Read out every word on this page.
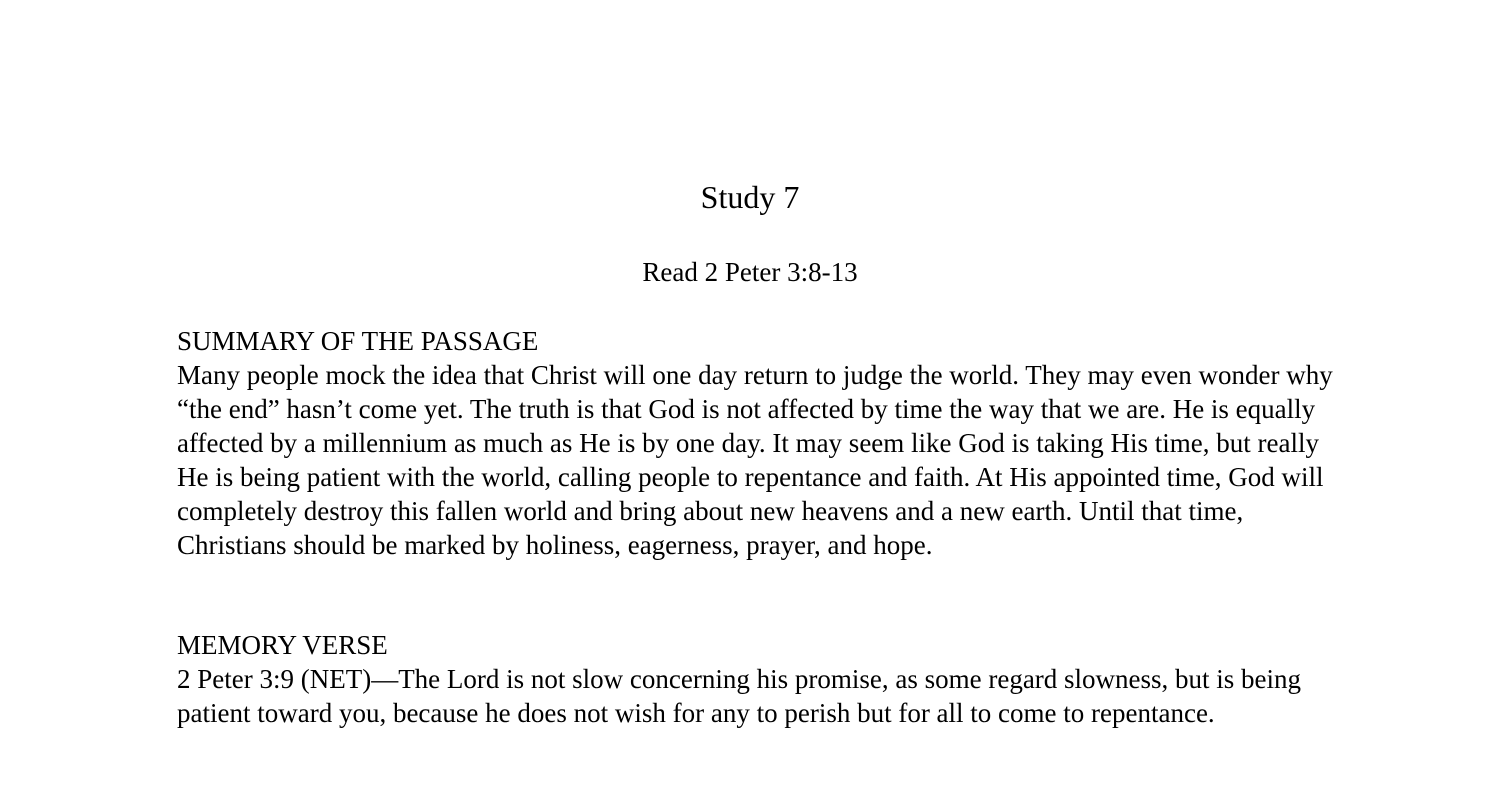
Study 7
Read 2 Peter 3:8-13

SUMMARY OF THE PASSAGE

Many people mock the idea that Christ will one day return to judge the world. They may even wonder why “the end” hasn’t come yet. The truth is that God is not affected by time the way that we are. He is equally affected by a millennium as much as He is by one day. It may seem like God is taking His time, but really He is being patient with the world, calling people to repentance and faith. At His appointed time, God will completely destroy this fallen world and bring about new heavens and a new earth. Until that time, Christians should be marked by holiness, eagerness, prayer, and hope.

MEMORY VERSE

2 Peter 3:9 (NET)—The Lord is not slow concerning his promise, as some regard slowness, but is being patient toward you, because he does not wish for any to perish but for all to come to repentance.
